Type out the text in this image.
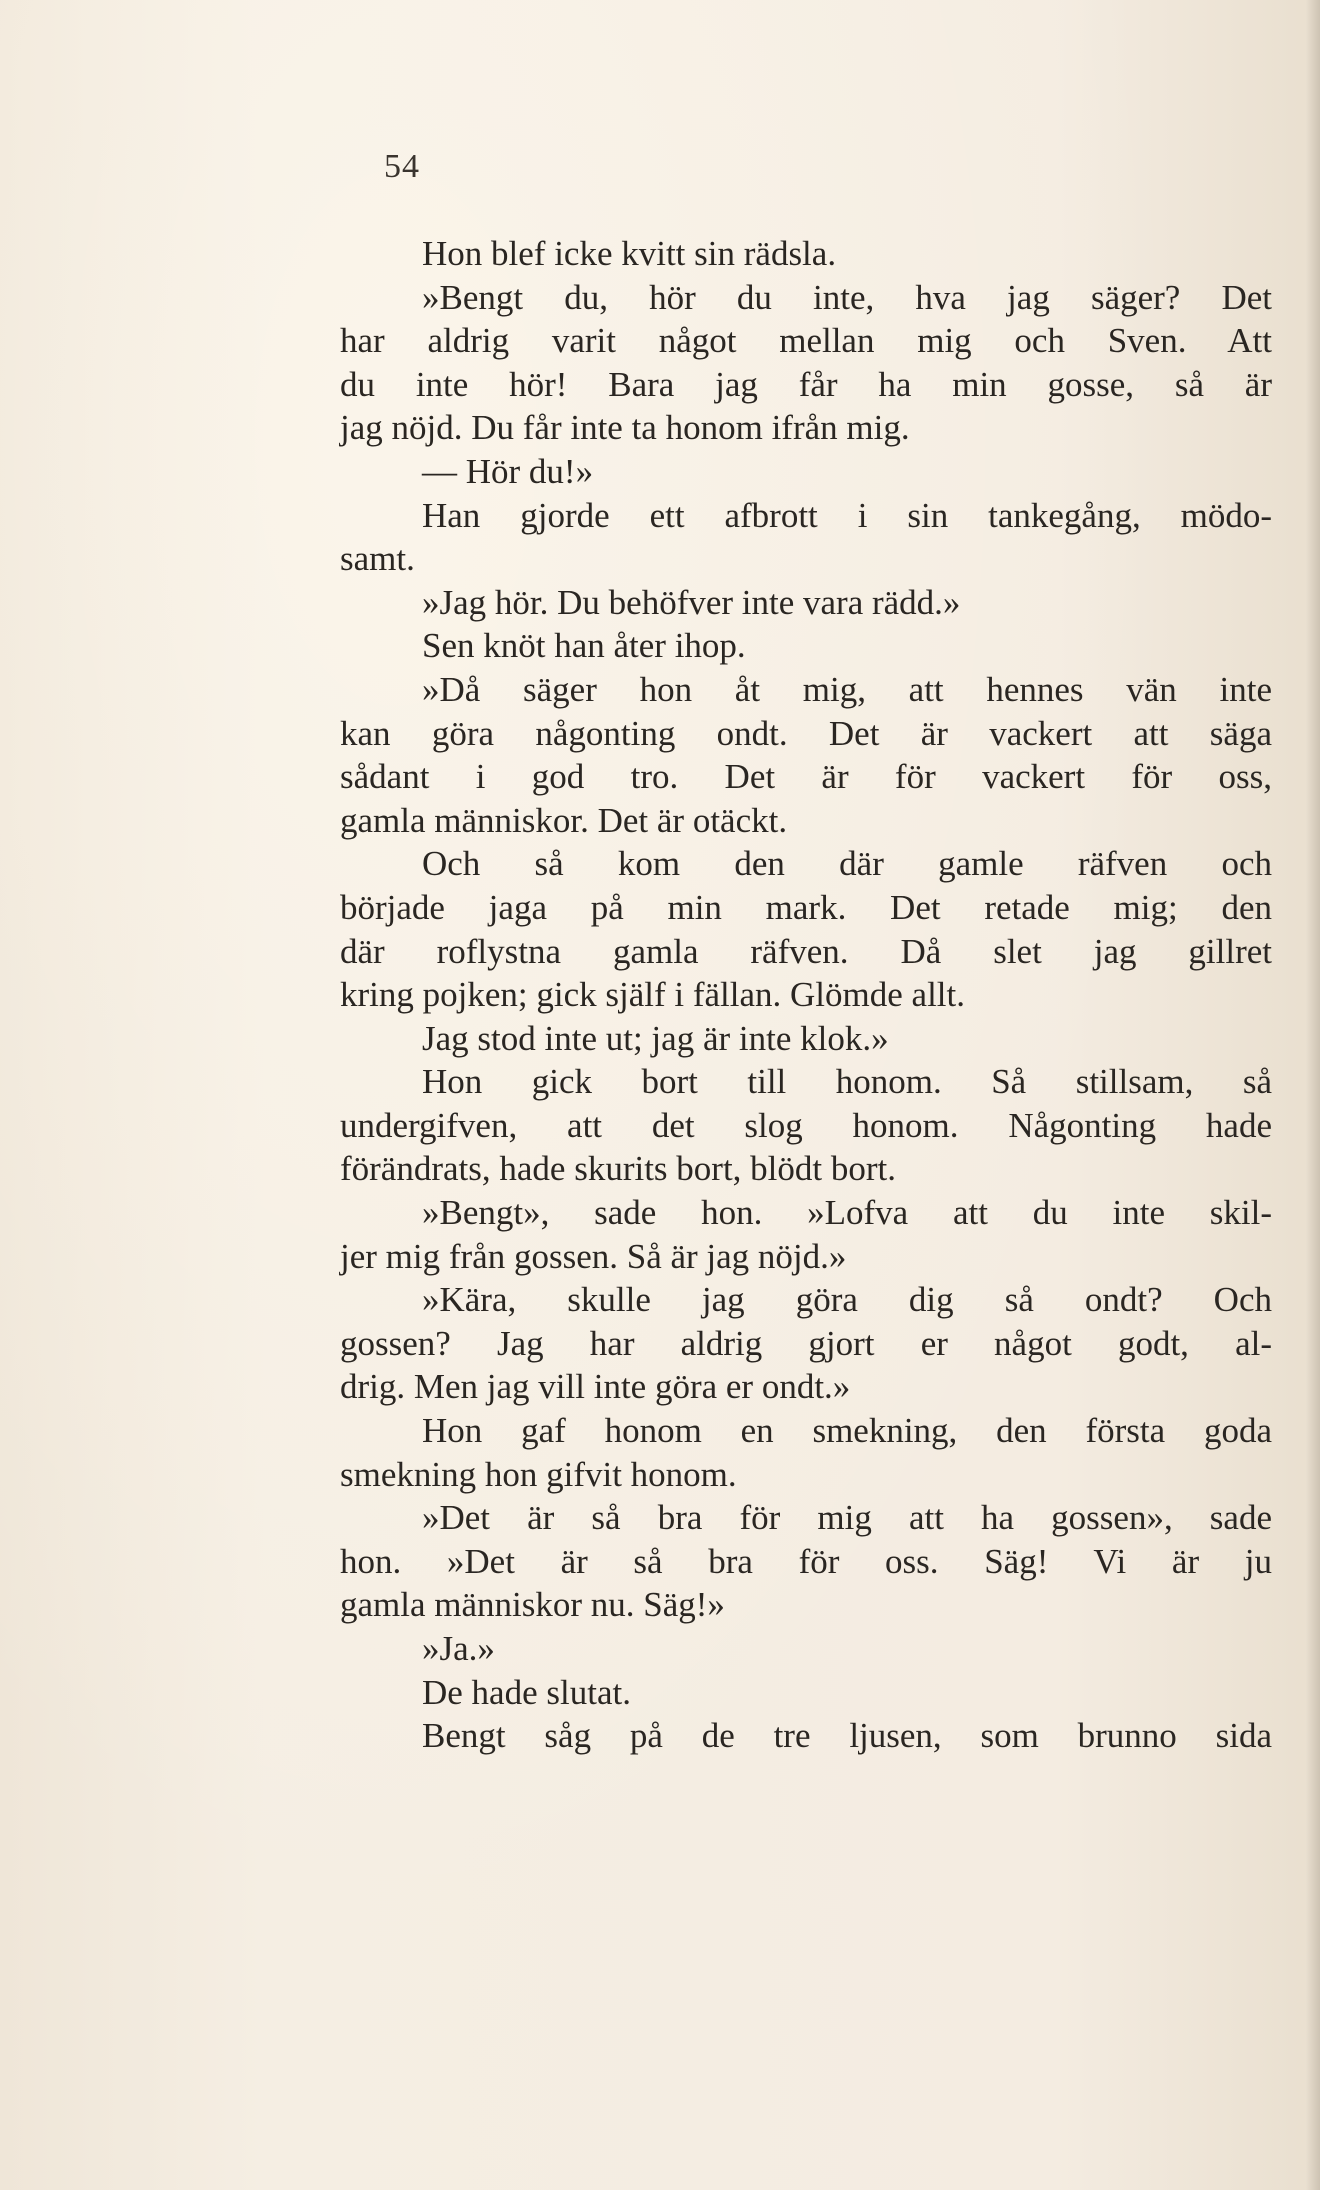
54
Hon blef icke kvitt sin rädsla.
»Bengt du, hör du inte, hva jag säger? Det
har aldrig varit något mellan mig och Sven. Att
du inte hör! Bara jag får ha min gosse, så är
jag nöjd. Du får inte ta honom ifrån mig.
— Hör du!»
Han gjorde ett afbrott i sin tankegång, mödo-
samt.
»Jag hör. Du behöfver inte vara rädd.»
Sen knöt han åter ihop.
»Då säger hon åt mig, att hennes vän inte
kan göra någonting ondt. Det är vackert att säga
sådant i god tro. Det är för vackert för oss,
gamla människor. Det är otäckt.
Och så kom den där gamle räfven och
började jaga på min mark. Det retade mig; den
där roflystna gamla räfven. Då slet jag gillret
kring pojken; gick själf i fällan. Glömde allt.
Jag stod inte ut; jag är inte klok.»
Hon gick bort till honom. Så stillsam, så
undergifven, att det slog honom. Någonting hade
förändrats, hade skurits bort, blödt bort.
»Bengt», sade hon. »Lofva att du inte skil-
jer mig från gossen. Så är jag nöjd.»
»Kära, skulle jag göra dig så ondt? Och
gossen? Jag har aldrig gjort er något godt, al-
drig. Men jag vill inte göra er ondt.»
Hon gaf honom en smekning, den första goda
smekning hon gifvit honom.
»Det är så bra för mig att ha gossen», sade
hon. »Det är så bra för oss. Säg! Vi är ju
gamla människor nu. Säg!»
»Ja.»
De hade slutat.
Bengt såg på de tre ljusen, som brunno sida
